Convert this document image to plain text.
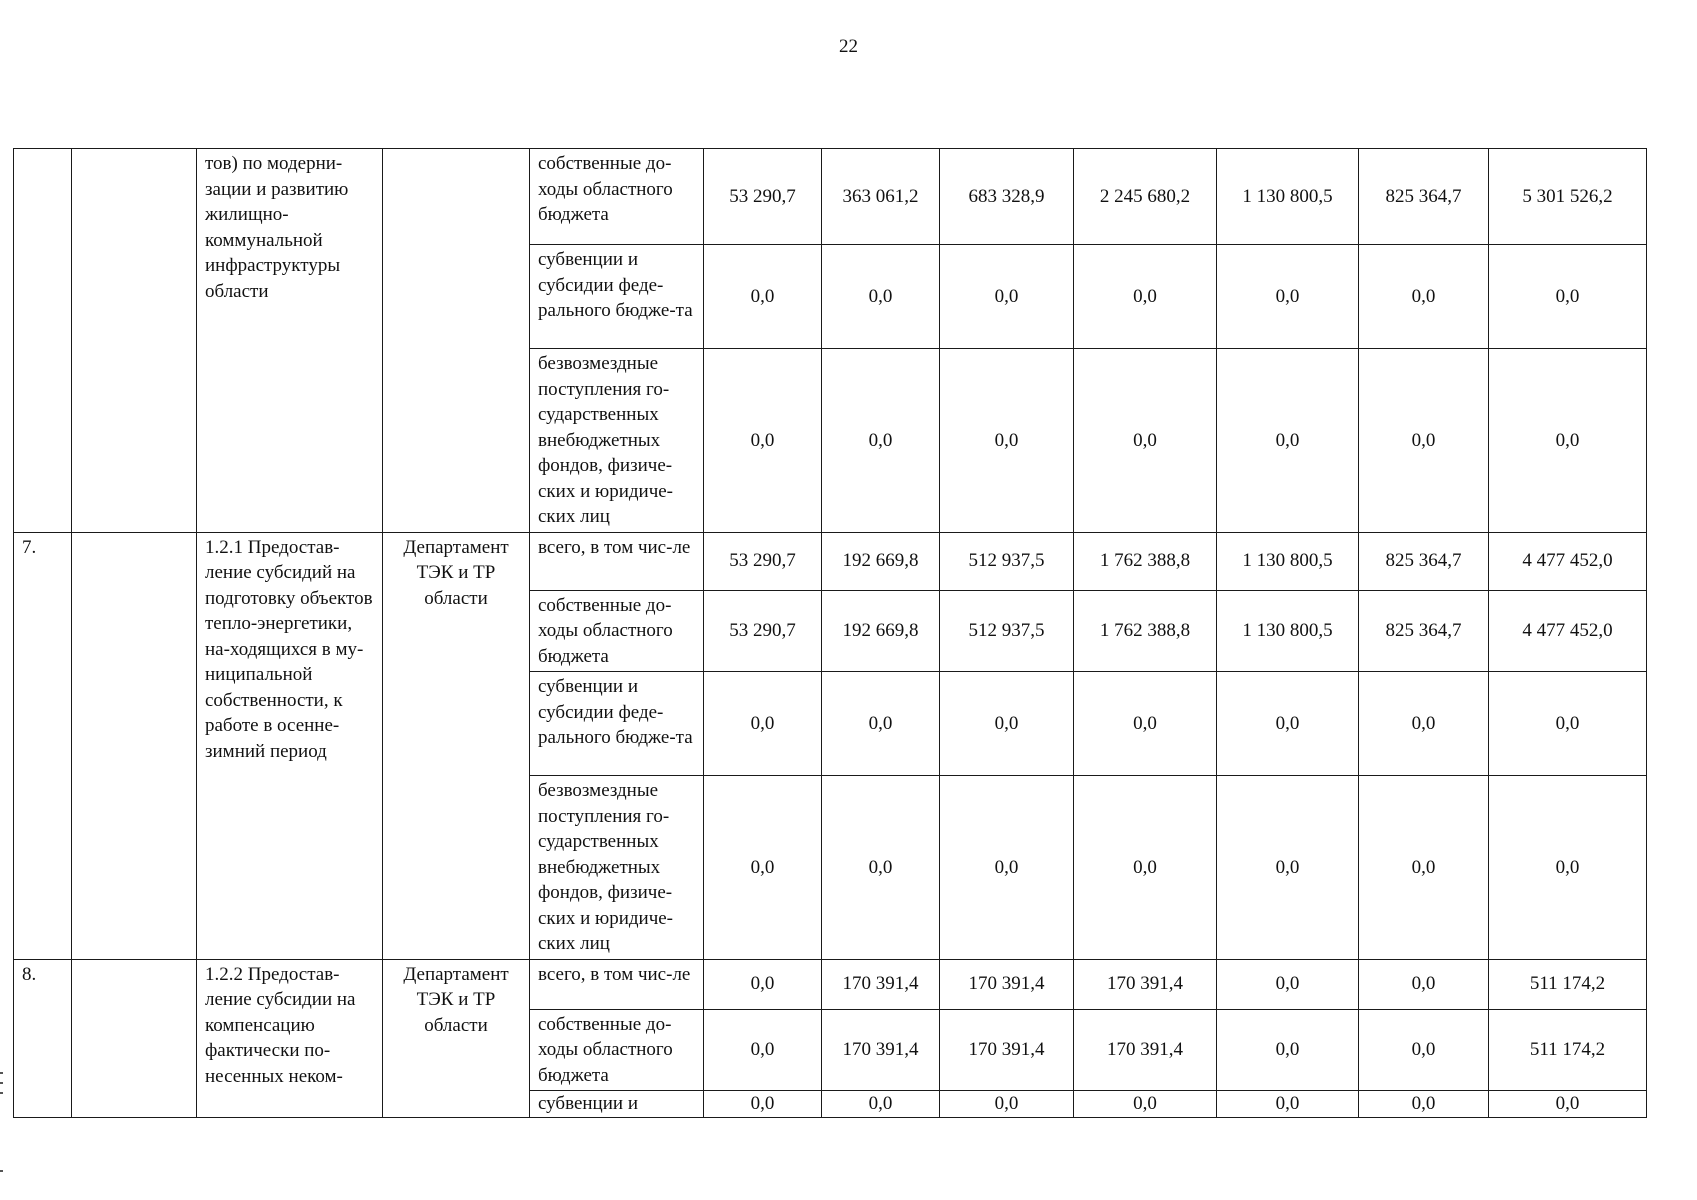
22
		тов) по модерни-зации и развитию жилищно-коммунальной инфраструктуры области		собственные до-ходы областного бюджета	53 290,7	363 061,2	683 328,9	2 245 680,2	1 130 800,5	825 364,7	5 301 526,2
				субвенции и субсидии феде-рального бюдже-та	0,0	0,0	0,0	0,0	0,0	0,0	0,0
				безвозмездные поступления го-сударственных внебюджетных фондов, физиче-ских и юридиче-ских лиц	0,0	0,0	0,0	0,0	0,0	0,0	0,0
7.		1.2.1 Предостав-ление субсидий на подготовку объектов тепло-энергетики, на-ходящихся в му-ниципальной собственности, к работе в осенне-зимний период	Департамент ТЭК и ТР области	всего, в том чис-ле	53 290,7	192 669,8	512 937,5	1 762 388,8	1 130 800,5	825 364,7	4 477 452,0
				собственные до-ходы областного бюджета	53 290,7	192 669,8	512 937,5	1 762 388,8	1 130 800,5	825 364,7	4 477 452,0
				субвенции и субсидии феде-рального бюдже-та	0,0	0,0	0,0	0,0	0,0	0,0	0,0
				безвозмездные поступления го-сударственных внебюджетных фондов, физиче-ских и юридиче-ских лиц	0,0	0,0	0,0	0,0	0,0	0,0	0,0
8.		1.2.2 Предостав-ление субсидии на компенсацию фактически по-несенных неком-	Департамент ТЭК и ТР области	всего, в том чис-ле	0,0	170 391,4	170 391,4	170 391,4	0,0	0,0	511 174,2
				собственные до-ходы областного бюджета	0,0	170 391,4	170 391,4	170 391,4	0,0	0,0	511 174,2
				субвенции и	0,0	0,0	0,0	0,0	0,0	0,0	0,0
